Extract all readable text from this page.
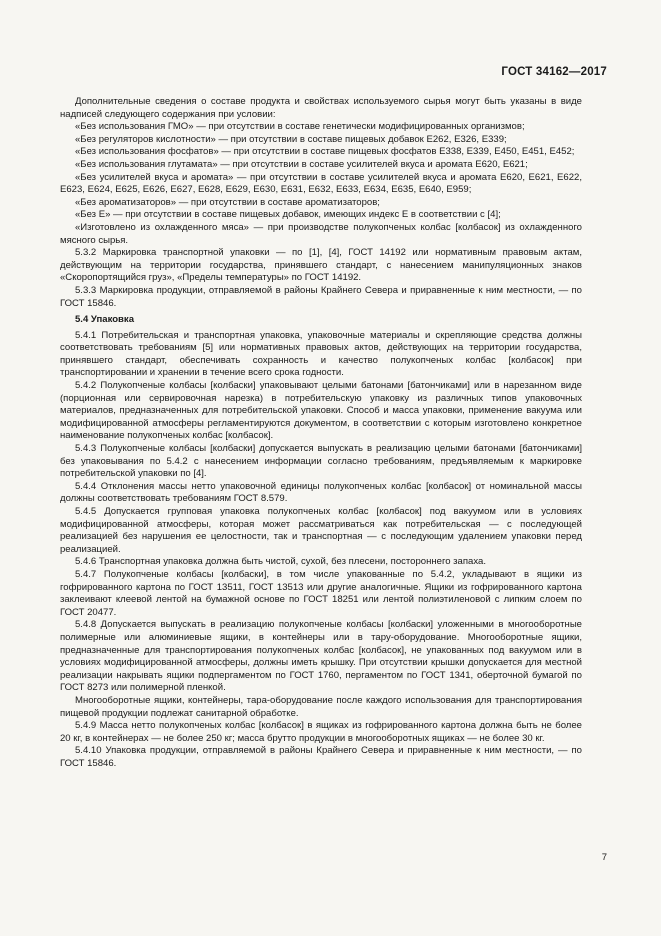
ГОСТ 34162—2017

Дополнительные сведения о составе продукта и свойствах используемого сырья могут быть указаны в виде надписей следующего содержания при условии:

«Без использования ГМО» — при отсутствии в составе генетически модифицированных организмов;

«Без регуляторов кислотности» — при отсутствии в составе пищевых добавок Е262, Е326, Е339;

«Без использования фосфатов» — при отсутствии в составе пищевых фосфатов Е338, Е339, Е450, Е451, Е452;

«Без использования глутамата» — при отсутствии в составе усилителей вкуса и аромата Е620, Е621;

«Без усилителей вкуса и аромата» — при отсутствии в составе усилителей вкуса и аромата Е620, Е621, Е622, Е623, Е624, Е625, Е626, Е627, Е628, Е629, Е630, Е631, Е632, Е633, Е634, Е635, Е640, Е959;

«Без ароматизаторов» — при отсутствии в составе ароматизаторов;

«Без Е» — при отсутствии в составе пищевых добавок, имеющих индекс Е в соответствии с [4];

«Изготовлено из охлажденного мяса» — при производстве полукопченых колбас [колбасок] из охлажденного мясного сырья.

5.3.2 Маркировка транспортной упаковки — по [1], [4], ГОСТ 14192 или нормативным правовым актам, действующим на территории государства, принявшего стандарт, с нанесением манипуляционных знаков «Скоропортящийся груз», «Пределы температуры» по ГОСТ 14192.

5.3.3 Маркировка продукции, отправляемой в районы Крайнего Севера и приравненные к ним местности, — по ГОСТ 15846.

5.4 Упаковка

5.4.1 Потребительская и транспортная упаковка, упаковочные материалы и скрепляющие средства должны соответствовать требованиям [5] или нормативных правовых актов, действующих на территории государства, принявшего стандарт, обеспечивать сохранность и качество полукопченых колбас [колбасок] при транспортировании и хранении в течение всего срока годности.

5.4.2 Полукопченые колбасы [колбаски] упаковывают целыми батонами [батончиками] или в нарезанном виде (порционная или сервировочная нарезка) в потребительскую упаковку из различных типов упаковочных материалов, предназначенных для потребительской упаковки. Способ и масса упаковки, применение вакуума или модифицированной атмосферы регламентируются документом, в соответствии с которым изготовлено конкретное наименование полукопченых колбас [колбасок].

5.4.3 Полукопченые колбасы [колбаски] допускается выпускать в реализацию целыми батонами [батончиками] без упаковывания по 5.4.2 с нанесением информации согласно требованиям, предъявляемым к маркировке потребительской упаковки по [4].

5.4.4 Отклонения массы нетто упаковочной единицы полукопченых колбас [колбасок] от номинальной массы должны соответствовать требованиям ГОСТ 8.579.

5.4.5 Допускается групповая упаковка полукопченых колбас [колбасок] под вакуумом или в условиях модифицированной атмосферы, которая может рассматриваться как потребительская — с последующей реализацией без нарушения ее целостности, так и транспортная — с последующим удалением упаковки перед реализацией.

5.4.6 Транспортная упаковка должна быть чистой, сухой, без плесени, постороннего запаха.

5.4.7 Полукопченые колбасы [колбаски], в том числе упакованные по 5.4.2, укладывают в ящики из гофрированного картона по ГОСТ 13511, ГОСТ 13513 или другие аналогичные. Ящики из гофрированного картона заклеивают клеевой лентой на бумажной основе по ГОСТ 18251 или лентой полиэтиленовой с липким слоем по ГОСТ 20477.

5.4.8 Допускается выпускать в реализацию полукопченые колбасы [колбаски] уложенными в многооборотные полимерные или алюминиевые ящики, в контейнеры или в тару-оборудование. Многооборотные ящики, предназначенные для транспортирования полукопченых колбас [колбасок], не упакованных под вакуумом или в условиях модифицированной атмосферы, должны иметь крышку. При отсутствии крышки допускается для местной реализации накрывать ящики подпергаментом по ГОСТ 1760, пергаментом по ГОСТ 1341, оберточной бумагой по ГОСТ 8273 или полимерной пленкой.

Многооборотные ящики, контейнеры, тара-оборудование после каждого использования для транспортирования пищевой продукции подлежат санитарной обработке.

5.4.9 Масса нетто полукопченых колбас [колбасок] в ящиках из гофрированного картона должна быть не более 20 кг, в контейнерах — не более 250 кг; масса брутто продукции в многооборотных ящиках — не более 30 кг.

5.4.10 Упаковка продукции, отправляемой в районы Крайнего Севера и приравненные к ним местности, — по ГОСТ 15846.

7
